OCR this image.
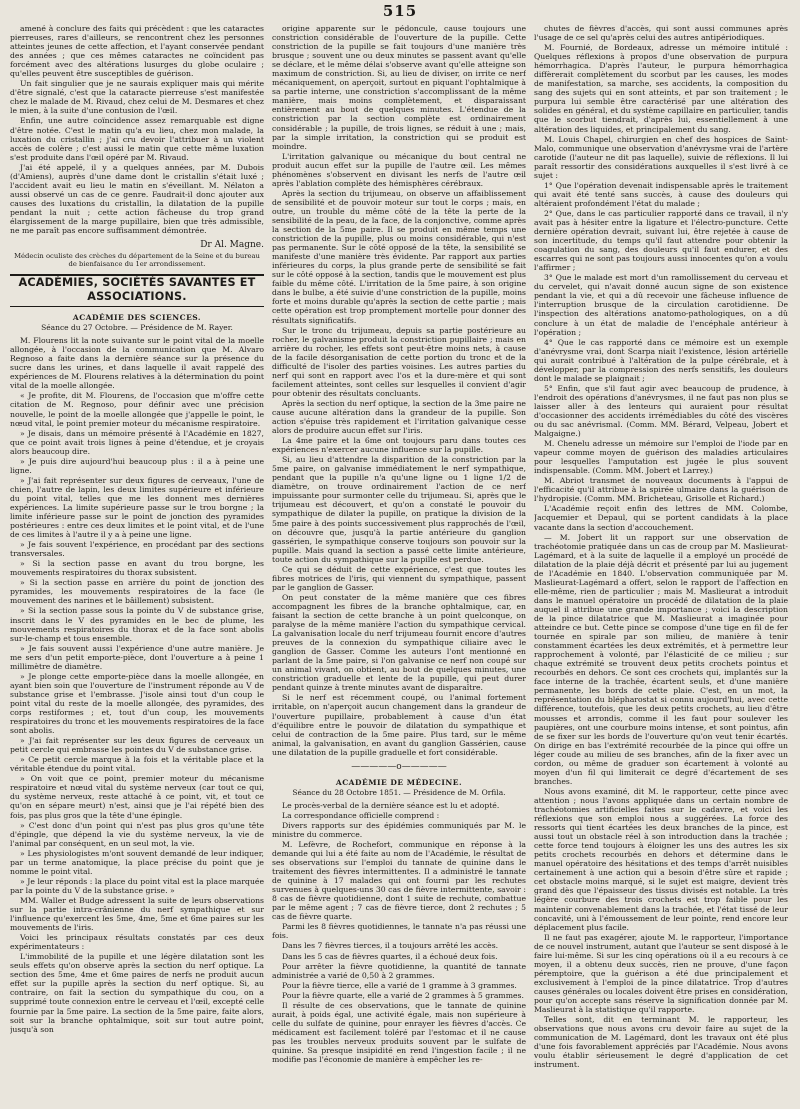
515

amené à conclure des faits qui précèdent : que les cataractes pierreuses, rares d'ailleurs, se rencontrent chez les personnes atteintes jeunes de cette affection, et l'ayant conservée pendant des années ; que ces mêmes cataractes ne coïncident pas forcément avec des altérations lusurges du globe oculaire ; qu'elles peuvent être susceptibles de guérison.

Un fait singulier que je ne saurais expliquer mais qui mérite d'être signalé, c'est que la cataracte pierreuse s'est manifestée chez le malade de M. Rivaud, chez celui de M. Desmares et chez le mien, à la suite d'une contusion de l'œil.

Enfin, une autre coïncidence assez remarquable est digne d'être notée. C'est le matin qu'a eu lieu, chez mon malade, la luxation du cristallin ; j'ai cru devoir l'attribuer à un violent accès de colère ; c'est aussi le matin que cette même luxation s'est produite dans l'œil opéré par M. Rivaud.

J'ai été appelé, il y a quelques années, par M. Dubois (d'Amiens), auprès d'une dame dont le cristallin s'était luxé ; l'accident avait eu lieu le matin en s'éveillant. M. Nélaton a aussi observé un cas de ce genre. Faudrait-il donc ajouter aux causes des luxations du cristallin, la dilatation de la pupille pendant la nuit ; cette action fâcheuse du trop grand élargissement de la marge pupillaire, bien que très admissible, ne me paraît pas encore suffisamment démontrée.

Dr Al. Magne.
Médecin oculiste des crèches du département de la Seine et du bureau de bienfaisance du 1er arrondissement.
ACADÉMIES, SOCIÉTÉS SAVANTES ET ASSOCIATIONS.
ACADÉMIE DES SCIENCES.
Séance du 27 Octobre. — Présidence de M. Rayer.

M. Flourens lit la note suivante sur le point vital de la moelle allongée, à l'occasion de la communication que M. Alvaro Regnoso a faite dans la dernière séance sur la présence du sucre dans les urines, et dans laquelle il avait rappelé des expériences de M. Flourens relatives à la détermination du point vital de la moelle allongée.

« Je profite, dit M. Flourens, de l'occasion que m'offre cette citation de M. Regnoso, pour définir avec une précision nouvelle, le point de la moelle allongée que j'appelle le point, le nœud vital, le point premier moteur du mécanisme respiratoire.

» Je disais, dans un mémoire présenté à l'Académie en 1827, que ce point avait trois lignes à peine d'étendue, et je croyais alors beaucoup dire.

» Je puis dire aujourd'hui beaucoup plus : il a à peine une ligne.

» J'ai fait représenter sur deux figures de cerveaux, l'une de chien, l'autre de lapin, les deux limites supérieure et inférieure du point vital, telles que me les donnent mes dernières expériences. La limite supérieure passe sur le trou borgne ; la limite inférieure passe sur le point de jonction des pyramides postérieures : entre ces deux limites et le point vital, et de l'une de ces limites à l'autre il y a à peine une ligne.

» Je fais souvent l'expérience, en procédant par des sections transversales.

» Si la section passe en avant du trou borgne, les mouvements respiratoires du thorax subsistent.

» Si la section passe en arrière du point de jonction des pyramides, les mouvements respiratoires de la face (le mouvement des narines et le bâillement) subsistent.

» Si la section passe sous la pointe du V de substance grise, inscrit dans le V des pyramides en le bec de plume, les mouvements respiratoires du thorax et de la face sont abolis sur-le-champ et tous ensemble.

» Je fais souvent aussi l'expérience d'une autre manière. Je me sers d'un petit emporte-pièce, dont l'ouverture a à peine 1 millimètre de diamètre.

» Je plonge cette emporte-pièce dans la moelle allongée, en ayant bien soin que l'ouverture de l'instrument réponde au V de substance grise et l'embrasse. J'isole ainsi tout d'un coup le point vital du reste de la moelle allongée, des pyramides, des corps restiformes ; et, tout d'un coup, les mouvements respiratoires du tronc et les mouvements respiratoires de la face sont abolis.

» J'ai fait représenter sur les deux figures de cerveaux un petit cercle qui embrasse les pointes du V de substance grise.

» Ce petit cercle marque à la fois et la véritable place et la véritable étendue du point vital.

» On voit que ce point, premier moteur du mécanisme respiratoire et nœud vital du système nerveux (car tout ce qui, du système nerveux, reste attaché à ce point, vit, et tout ce qu'on en sépare meurt) n'est, ainsi que je l'ai répété bien des fois, pas plus gros que la tête d'une épingle.

» C'est donc d'un point qui n'est pas plus gros qu'une tête d'épingle, que dépend la vie du système nerveux, la vie de l'animal par conséquent, en un seul mot, la vie.

» Les physiologistes m'ont souvent demandé de leur indiquer, par un terme anatomique, la place précise du point que je nomme le point vital.

» Je leur réponds : la place du point vital est la place marquée par la pointe du V de la substance grise. »

MM. Waller et Budge adressent la suite de leurs observations sur la partie intra-crânienne du nerf sympathique et sur l'influence qu'exercent les 5me, 4me, 5me et 6me paires sur les mouvements de l'iris.

Voici les principaux résultats constatés par ces deux expérimentateurs :

L'immobilité de la pupille et une légère dilatation sont les seuls effets qu'on observe après la section du nerf optique. La section des 5me, 4me et 6me paires de nerfs ne produit aucun effet sur la pupille après la section du nerf optique. Si, au contraire, on fait la section du sympathique du cou, on a supprimé toute connexion entre le cerveau et l'œil, excepté celle fournie par la 5me paire. La section de la 5me paire, faite alors, soit sur la branche ophtalmique, soit sur tout autre point, jusqu'à son

origine apparente sur le pédoncule, cause toujours une constriction considérable de l'ouverture de la pupille. Cette constriction de la pupille se fait toujours d'une manière très brusque ; souvent une ou deux minutes se passent avant qu'elle se déclare, et le même délai s'observe avant qu'elle atteigne son maximum de constriction. Si, au lieu de diviser, on irrite ce nerf mécaniquement, on aperçoit, surtout en piquant l'ophtalmique à sa partie interne, une constriction s'accomplissant de la même manière, mais moins complètement, et disparaissant entièrement au bout de quelques minutes. L'étendue de la constriction par la section complète est ordinairement considérable ; la pupille, de trois lignes, se réduit à une ; mais, par la simple irritation, la constriction qui se produit est moindre.

L'irritation galvanique ou mécanique du bout central ne produit aucun effet sur la pupille de l'autre œil. Les mêmes phénomènes s'observent en divisant les nerfs de l'autre œil après l'ablation complète des hémisphères cérébraux.

Après la section du trijumeau, on observe un affaiblissement de sensibilité et de pouvoir moteur sur tout le corps ; mais, en outre, un trouble du même côté de la tête la perte de la sensibilité de la peau, de la face, de la conjonctive, comme après la section de la 5me paire. Il se produit en même temps une constriction de la pupille, plus ou moins considérable, qui n'est pas permanente. Sur le côté opposé de la tête, la sensibilité se manifeste d'une manière très évidente. Par rapport aux parties inférieures du corps, la plus grande perte de sensibilité se fait sur le côté opposé à la section, tandis que le mouvement est plus faible du même côté. L'irritation de la 5me paire, à son origine dans le bulbe, a été suivie d'une constriction de la pupille, moins forte et moins durable qu'après la section de cette partie ; mais cette opération est trop promptement mortelle pour donner des résultats significatifs.

Sur le tronc du trijumeau, depuis sa partie postérieure au rocher, le galvanisme produit la constriction pupillaire ; mais en arrière du rocher, les effets sont peut-être moins nets, à cause de la facile désorganisation de cette portion du tronc et de la difficulté de l'isoler des parties voisines. Les autres parties du nerf qui sont en rapport avec l'os et la dure-mère et qui sont facilement atteintes, sont celles sur lesquelles il convient d'agir pour obtenir des résultats concluants.

Après la section du nerf optique, la section de la 3me paire ne cause aucune altération dans la grandeur de la pupille. Son action s'épuise très rapidement et l'irritation galvanique cesse alors de produire aucun effet sur l'iris.

La 4me paire et la 6me ont toujours paru dans toutes ces expériences n'exercer aucune influence sur la pupille.

Si, au lieu d'attendre la disparition de la constriction par la 5me paire, on galvanise immédiatement le nerf sympathique, pendant que la pupille n'a qu'une ligne ou 1 ligne 1/2 de diamètre, on trouve ordinairement l'action de ce nerf impuissante pour surmonter celle du trijumeau. Si, après que le trijumeau est découvert, et qu'on a constaté le pouvoir du sympathique de dilater la pupille, on pratique la division de la 5me paire à des points successivement plus rapprochés de l'œil, on découvre que, jusqu'à la partie antérieure du ganglion gassérien, le sympathique conserve toujours son pouvoir sur la pupille. Mais quand la section a passé cette limite antérieure, toute action du sympathique sur la pupille est perdue.

Ce qui se déduit de cette expérience, c'est que toutes les fibres motrices de l'iris, qui viennent du sympathique, passent par le ganglion de Gasser.

On peut constater de la même manière que ces fibres accompagnent les fibres de la branche ophtalmique, car, en faisant la section de cette branche à un point quelconque, on paralyse de la même manière l'action du sympathique cervical. La galvanisation locale du nerf trijumeau fournit encore d'autres preuves de la connexion du sympathique ciliaire avec le ganglion de Gasser. Comme les auteurs l'ont mentionné en parlant de la 5me paire, si l'on galvanise ce nerf non coupé sur un animal vivant, on obtient, au bout de quelques minutes, une constriction graduelle et lente de la pupille, qui peut durer pendant quinze à trente minutes avant de disparaître.

Si le nerf est récemment coupé, ou l'animal fortement irritable, on n'aperçoit aucun changement dans la grandeur de l'ouverture pupillaire, probablement à cause d'un état d'équilibre entre le pouvoir de dilatation du sympathique et celui de contraction de la 5me paire. Plus tard, sur le même animal, la galvanisation, en avant du ganglion Gassérien, cause une dilatation de la pupille graduelle et fort considérable.

—————o—————
ACADÉMIE DE MÉDECINE.
Séance du 28 Octobre 1851. — Présidence de M. Orfila.

Le procès-verbal de la dernière séance est lu et adopté.

La correspondance officielle comprend :

Divers rapports sur des épidémies communiqués par M. le ministre du commerce.

M. Lefèvre, de Rochefort, communique en réponse à la demande qui lui a été faite au nom de l'Académie, le résultat de ses observations sur l'emploi du tannate de quinine dans le traitement des fièvres intermittentes. Il a administré le tannate de quinine à 17 malades qui ont fourni par les rechutes survenues à quelques-uns 30 cas de fièvre intermittente, savoir : 8 cas de fièvre quotidienne, dont 1 suite de rechute, combattue par le même agent ; 7 cas de fièvre tierce, dont 2 rechutes ; 5 cas de fièvre quarte.

Parmi les 8 fièvres quotidiennes, le tannate n'a pas réussi une fois.

Dans les 7 fièvres tierces, il a toujours arrêté les accès.

Dans les 5 cas de fièvres quartes, il a échoué deux fois.

Pour arrêter la fièvre quotidienne, la quantité de tannate administrée a varié de 0,50 à 2 grammes.

Pour la fièvre tierce, elle a varié de 1 gramme à 3 grammes.

Pour la fièvre quarte, elle a varié de 2 grammes à 5 grammes.

Il résulte de ces observations, que le tannate de quinine aurait, à poids égal, une activité égale, mais non supérieure à celle du sulfate de quinine, pour enrayer les fièvres d'accès. Ce médicament est facilement toléré par l'estomac et il ne cause pas les troubles nerveux produits souvent par le sulfate de quinine. Sa presque insipidité en rend l'ingestion facile ; il ne modifie pas l'économie de manière à empêcher les re-

chutes de fièvres d'accès, qui sont aussi communes après l'usage de ce sel qu'après celui des autres antipériodiques.

M. Fournié, de Bordeaux, adresse un mémoire intitulé : Quelques réflexions à propos d'une observation de purpura hémorrhagica. D'après l'auteur, le purpura hémorrhagica diffèrerait complètement du scorbut par les causes, les modes de manifestation, sa marche, ses accidents, la composition du sang des sujets qui en sont atteints, et par son traitement ; le purpura lui semble être caractérisé par une altération des solides en général, et du système capillaire en particulier, tandis que le scorbut tiendrait, d'après lui, essentiellement à une altération des liquides, et principalement du sang.

M. Louis Chapel, chirurgien en chef des hospices de Saint-Malo, communique une observation d'anévrysme vrai de l'artère carotide (l'auteur ne dit pas laquelle), suivie de réflexions. Il lui paraît ressortir des considérations auxquelles il s'est livré à ce sujet :

1° Que l'opération devenait indispensable après le traitement qui avait été tenté sans succès, à cause des douleurs qui altéraient profondément l'état du malade ;

2° Que, dans le cas particulier rapporté dans ce travail, il n'y avait pas à hésiter entre la ligature et l'électro-puncture. Cette dernière opération devrait, suivant lui, être rejetée à cause de son incertitude, du temps qu'il faut attendre pour obtenir la coagulation du sang, des douleurs qu'il faut endurer, et des escarres qui ne sont pas toujours aussi innocentes qu'on a voulu l'affirmer ;

3° Que le malade est mort d'un ramollissement du cerveau et du cervelet, qui n'avait donné aucun signe de son existence pendant la vie, et qui a dû recevoir une fâcheuse influence de l'interruption brusque de la circulation carotidienne. De l'inspection des altérations anatomo-pathologiques, on a dû conclure à un état de maladie de l'encéphale antérieur à l'opération ;

4° Que le cas rapporté dans ce mémoire est un exemple d'anévrysme vrai, dont Scarpa niait l'existence, lésion artérielle qui aurait contribué à l'altération de la pulpe cérébrale, et à développer, par la compression des nerfs sensitifs, les douleurs dont le malade se plaignait ;

5° Enfin, que s'il faut agir avec beaucoup de prudence, à l'endroit des opérations d'anévrysmes, il ne faut pas non plus se laisser aller à des lenteurs qui auraient pour résultat d'occasionner des accidents irrémédiables du côté des viscères ou du sac anévrismal. (Comm. MM. Bérard, Velpeau, Jobert et Malgaigne.)

M. Chenelu adresse un mémoire sur l'emploi de l'iode par en vapeur comme moyen de guérison des maladies articulaires pour lesquelles l'amputation est jugée le plus souvent indispensable. (Comm. MM. Jobert et Larrey.)

M. Abriot transmet de nouveaux documents à l'appui de l'efficacité qu'il attribue à la spirée ulmaire dans la guérison de l'hydropisie. (Comm. MM. Bricheteau, Grisolle et Richard.)

L'Académie reçoit enfin des lettres de MM. Colombe, Jacquemier et Depaul, qui se portent candidats à la place vacante dans la section d'accouchement.

— M. Jobert lit un rapport sur une observation de trachéotomie pratiquée dans un cas de croup par M. Maslieurat-Lagémard, et à la suite de laquelle il a employé un procédé de dilatation de la plaie déjà décrit et présenté par lui au jugement de l'Académie en 1840. L'observation communiquée par M. Maslieurat-Lagémard a offert, selon le rapport de l'affection en elle-même, rien de particulier ; mais M. Maslieurat a introduit dans le manuel opératoire un procédé de dilatation de la plaie auquel il attribue une grande importance ; voici la description de la pince dilatatrice que M. Maslieurat a imaginée pour atteindre ce but. Cette pince se compose d'une tige en fil de fer tournée en spirale par son milieu, de manière à tenir constamment écartées les deux extrémités, et à permettre leur rapprochement à volonté, par l'élasticité de ce milieu ; sur chaque extrémité se trouvent deux petits crochets pointus et recourbés en dehors. Ce sont ces crochets qui, implantés sur la face interne de la trachée, écartent seuls, et d'une manière permanente, les bords de cette plaie. C'est, en un mot, la représentation du blépharostat si connu aujourd'hui, avec cette différence, toutefois, que les deux petits crochets, au lieu d'être mousses et arrondis, comme il les faut pour soulever les paupières, ont une courbure moins intense, et sont pointus, afin de se fixer sur les bords de l'ouverture qu'on veut tenir écartés. On dirige en bas l'extrémité recourbée de la pince qui offre un léger coude au milieu de ses branches, afin de la fixer avec un cordon, ou même de graduer son écartement à volonté au moyen d'un fil qui limiterait ce degré d'écartement de ses branches.

Nous avons examiné, dit M. le rapporteur, cette pince avec attention ; nous l'avons appliquée dans un certain nombre de trachéotomies artificielles faites sur le cadavre, et voici les réflexions que son emploi nous a suggérées. La force des ressorts qui tient écartées les deux branches de la pince, est aussi tout un obstacle réel à son introduction dans la trachée ; cette force tend toujours à éloigner les uns des autres les six petits crochets recourbés en dehors et détermine dans le manuel opératoire des hésitations et des temps d'arrêt nuisibles certainement à une action qui a besoin d'être sûre et rapide ; cet obstacle moins marqué, si le sujet est maigre, devient très grand dès que l'épaisseur des tissus divisés est notable. La très légère courbure des trois crochets est trop faible pour les maintenir convenablement dans la trachée, et l'état tissé de leur concavité, uni à l'émoussement de leur pointe, rend encore leur déplacement plus facile.

Il ne faut pas exagérer, ajoute M. le rapporteur, l'importance de ce nouvel instrument, autant que l'auteur se sent disposé à le faire lui-même. Si sur les cinq opérations où il a eu recours à ce moyen, il a obtenu deux succès, rien ne prouve, d'une façon péremptoire, que la guérison a été due principalement et exclusivement à l'emploi de la pince dilatatrice. Trop d'autres causes générales ou locales doivent être prises en considération, pour qu'on accepte sans réserve la signification donnée par M. Maslieurat à la statistique qu'il rapporte.

Telles sont, dit en terminant M. le rapporteur, les observations que nous avons cru devoir faire au sujet de la communication de M. Lagémard, dont les travaux ont été plus d'une fois favorablement appréciés par l'Académie. Nous avons voulu établir sérieusement le degré d'application de cet instrument.
